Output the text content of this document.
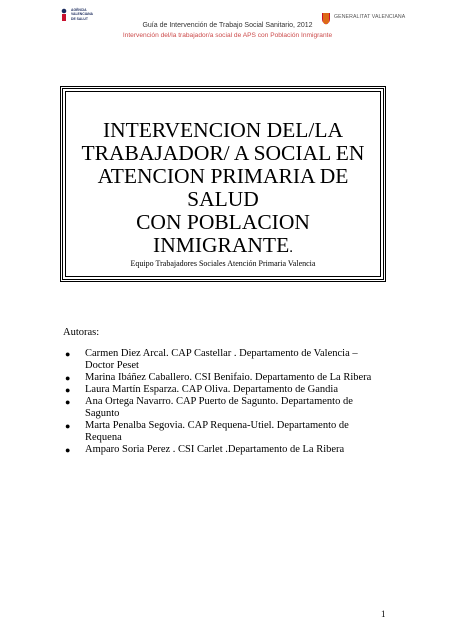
AGÈNCIA
VALENCIANA
DE SALUT	GENERALITAT VALENCIANA
Guía de Intervención de Trabajo Social Sanitario, 2012
Intervención del/la trabajador/a social de APS con Población Inmigrante
INTERVENCION DEL/LA
TRABAJADOR/ A SOCIAL EN
ATENCION PRIMARIA DE SALUD
CON POBLACION INMIGRANTE.
Equipo Trabajadores Sociales Atención Primaria Valencia
Autoras:
● Carmen Diez Arcal. CAP Castellar . Departamento de Valencia – Doctor Peset
● Marina Ibáñez Caballero. CSI Benifaio. Departamento de La Ribera
● Laura Martín Esparza. CAP Oliva. Departamento de Gandia
● Ana Ortega Navarro. CAP Puerto de Sagunto. Departamento de Sagunto
● Marta Penalba Segovia. CAP Requena-Utiel. Departamento de Requena
● Amparo Soria Perez . CSI Carlet .Departamento de La Ribera
1
